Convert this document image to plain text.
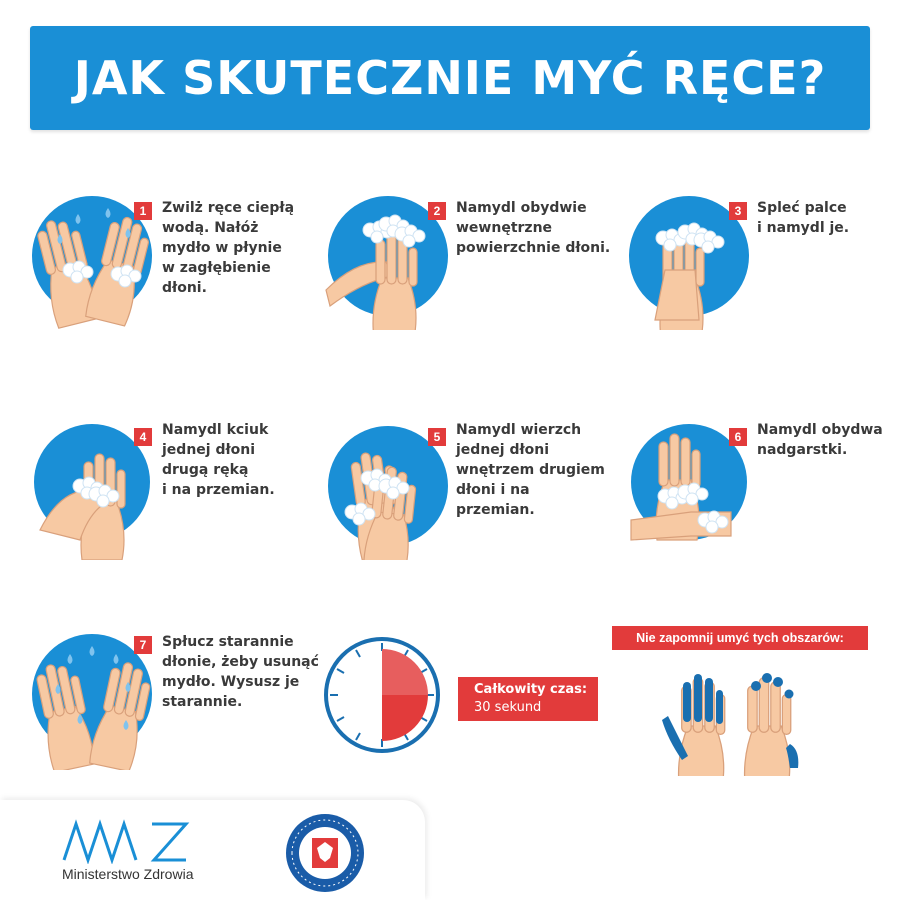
JAK SKUTECZNIE MYĆ RĘCE?
1	Zwilż ręce ciepłą
wodą. Nałóż
mydło w płynie
w zagłębienie
dłoni.
2	Namydl obydwie
wewnętrzne
powierzchnie dłoni.
3	Spleć palce
i namydl je.
4	Namydl kciuk
jednej dłoni
drugą ręką
i na przemian.
5	Namydl wierzch
jednej dłoni
wnętrzem drugiem
dłoni i na przemian.
6	Namydl obydwa
nadgarstki.
7	Spłucz starannie
dłonie, żeby usunąć
mydło. Wysusz je
starannie.
Całkowity czas:
30 sekund
Nie zapomnij umyć tych obszarów:
Ministerstwo Zdrowia
